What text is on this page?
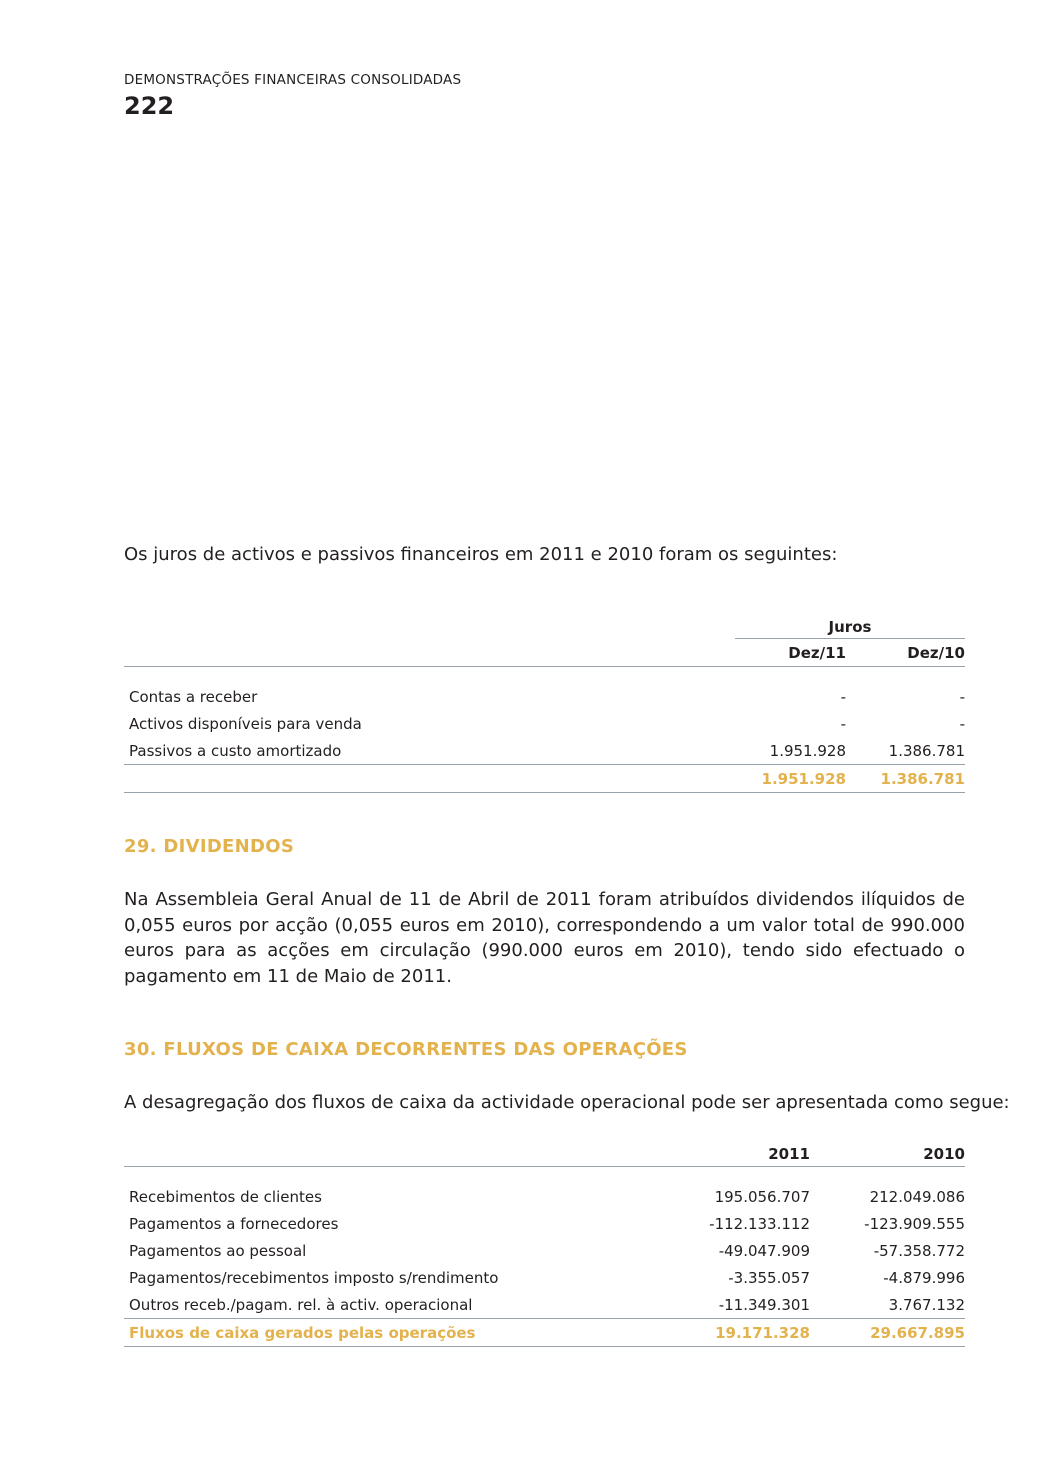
DEMONSTRAÇÕES FINANCEIRAS CONSOLIDADAS
222
Os juros de activos e passivos financeiros em 2011 e 2010 foram os seguintes:
	Juros	
	Dez/11	Dez/10

Contas a receber	-	-
Activos disponíveis para venda	-	-
Passivos a custo amortizado	1.951.928	1.386.781
	1.951.928	1.386.781
29. DIVIDENDOS
Na Assembleia Geral Anual de 11 de Abril de 2011 foram atribuídos dividendos ilíquidos de 0,055 euros por acção (0,055 euros em 2010), correspondendo a um valor total de 990.000 euros para as acções em circulação (990.000 euros em 2010), tendo sido efectuado o pagamento em 11 de Maio de 2011.
30. FLUXOS DE CAIXA DECORRENTES DAS OPERAÇÕES
A desagregação dos fluxos de caixa da actividade operacional pode ser apresentada como segue:
	2011	2010

Recebimentos de clientes	195.056.707	212.049.086
Pagamentos a fornecedores	-112.133.112	-123.909.555
Pagamentos ao pessoal	-49.047.909	-57.358.772
Pagamentos/recebimentos imposto s/rendimento	-3.355.057	-4.879.996
Outros receb./pagam. rel. à activ. operacional	-11.349.301	3.767.132
Fluxos de caixa gerados pelas operações	19.171.328	29.667.895
